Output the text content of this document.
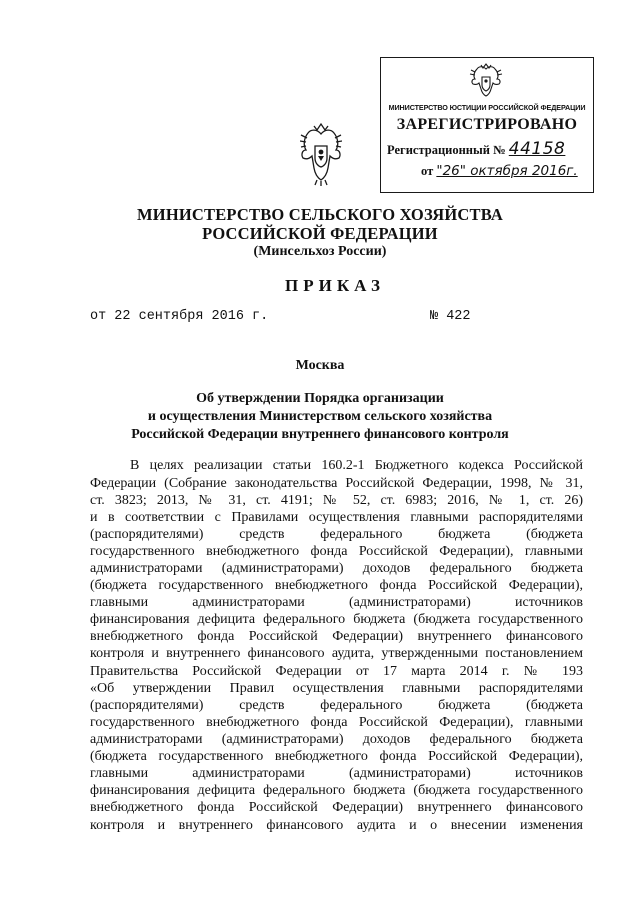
МИНИСТЕРСТВО ЮСТИЦИИ РОССИЙСКОЙ ФЕДЕРАЦИИ
ЗАРЕГИСТРИРОВАНО
Регистрационный № 44158
от "26" октября 2016г.
МИНИСТЕРСТВО СЕЛЬСКОГО ХОЗЯЙСТВА
РОССИЙСКОЙ ФЕДЕРАЦИИ
(Минсельхоз России)
ПРИКАЗ
от 22 сентября 2016 г.	№ 422
Москва
Об утверждении Порядка организации
и осуществления Министерством сельского хозяйства
Российской Федерации внутреннего финансового контроля
В целях реализации статьи 160.2-1 Бюджетного кодекса Российской
Федерации (Собрание законодательства Российской Федерации, 1998, № 31,
ст. 3823; 2013, № 31, ст. 4191; № 52, ст. 6983; 2016, № 1, ст. 26)
и в соответствии с Правилами осуществления главными распорядителями
(распорядителями) средств федерального бюджета (бюджета
государственного внебюджетного фонда Российской Федерации), главными
администраторами (администраторами) доходов федерального бюджета
(бюджета государственного внебюджетного фонда Российской Федерации),
главными администраторами (администраторами) источников
финансирования дефицита федерального бюджета (бюджета государственного
внебюджетного фонда Российской Федерации) внутреннего финансового
контроля и внутреннего финансового аудита, утвержденными постановлением
Правительства Российской Федерации от 17 марта 2014 г. № 193
«Об утверждении Правил осуществления главными распорядителями
(распорядителями) средств федерального бюджета (бюджета
государственного внебюджетного фонда Российской Федерации), главными
администраторами (администраторами) доходов федерального бюджета
(бюджета государственного внебюджетного фонда Российской Федерации),
главными администраторами (администраторами) источников
финансирования дефицита федерального бюджета (бюджета государственного
внебюджетного фонда Российской Федерации) внутреннего финансового
контроля и внутреннего финансового аудита и о внесении изменения
